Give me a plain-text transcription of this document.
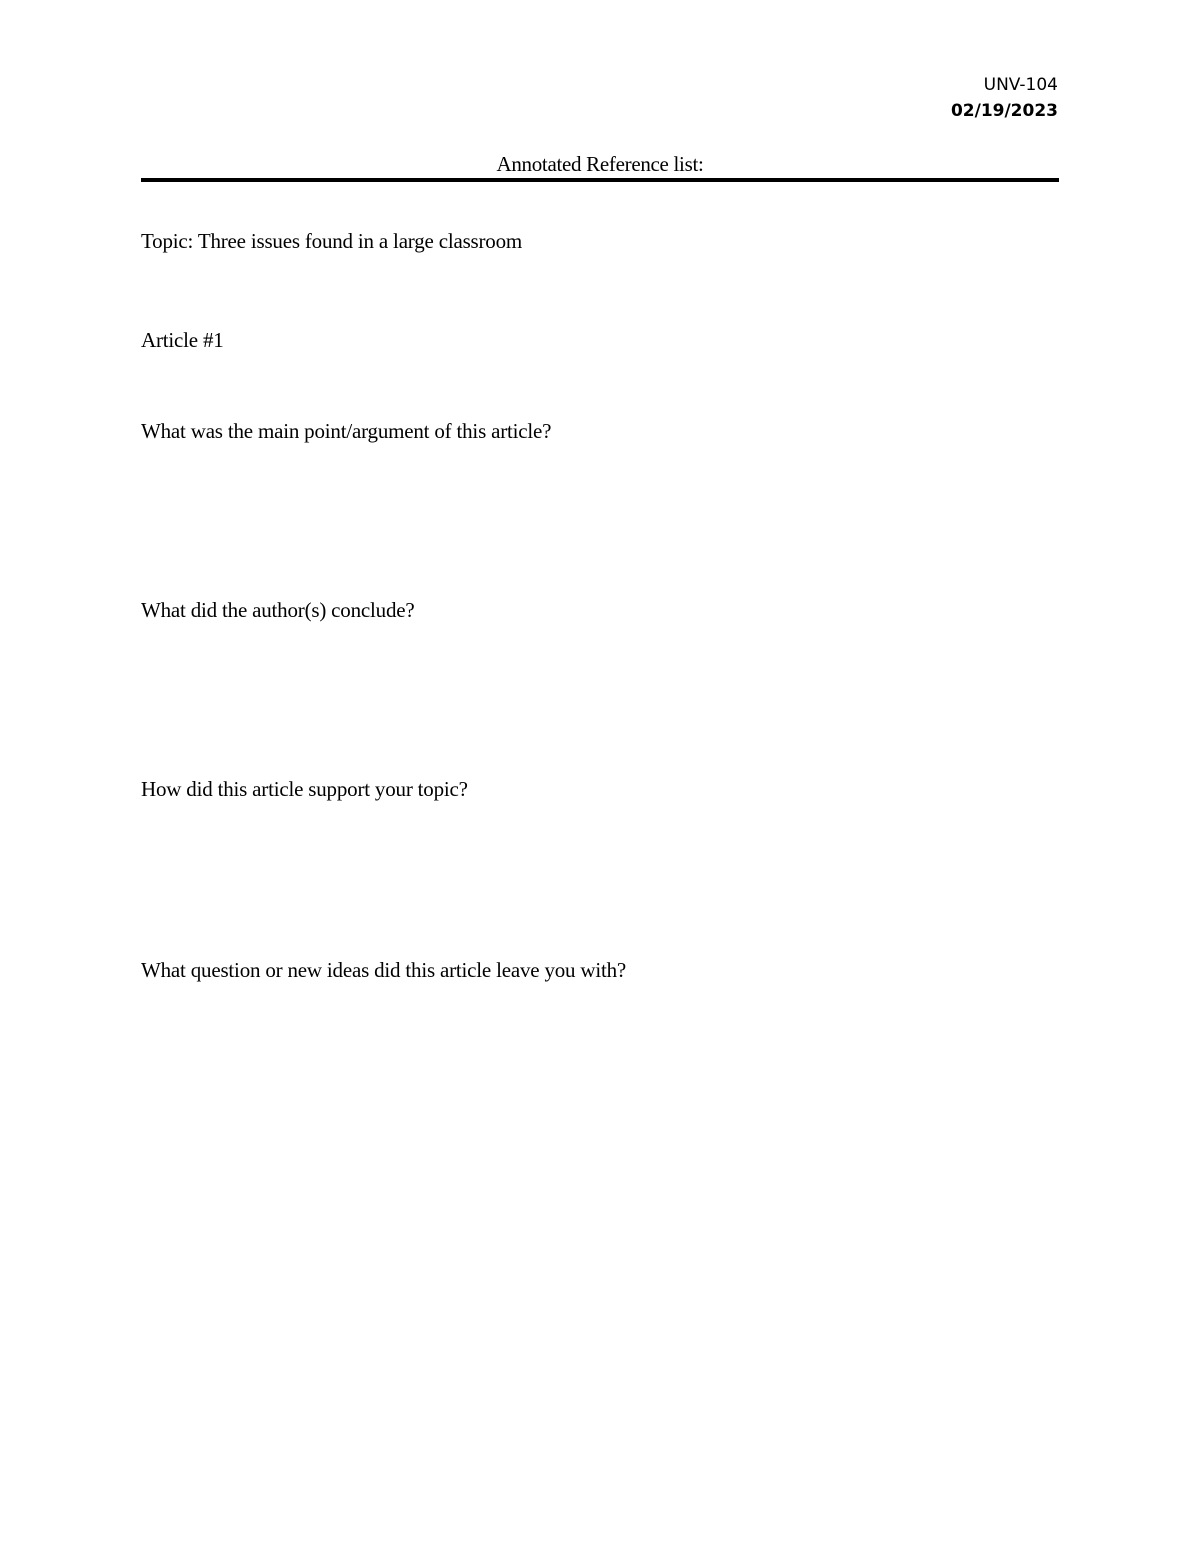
UNV-104
02/19/2023
Annotated Reference list:
Topic: Three issues found in a large classroom
Article #1
What was the main point/argument of this article?
What did the author(s) conclude?
How did this article support your topic?
What question or new ideas did this article leave you with?
